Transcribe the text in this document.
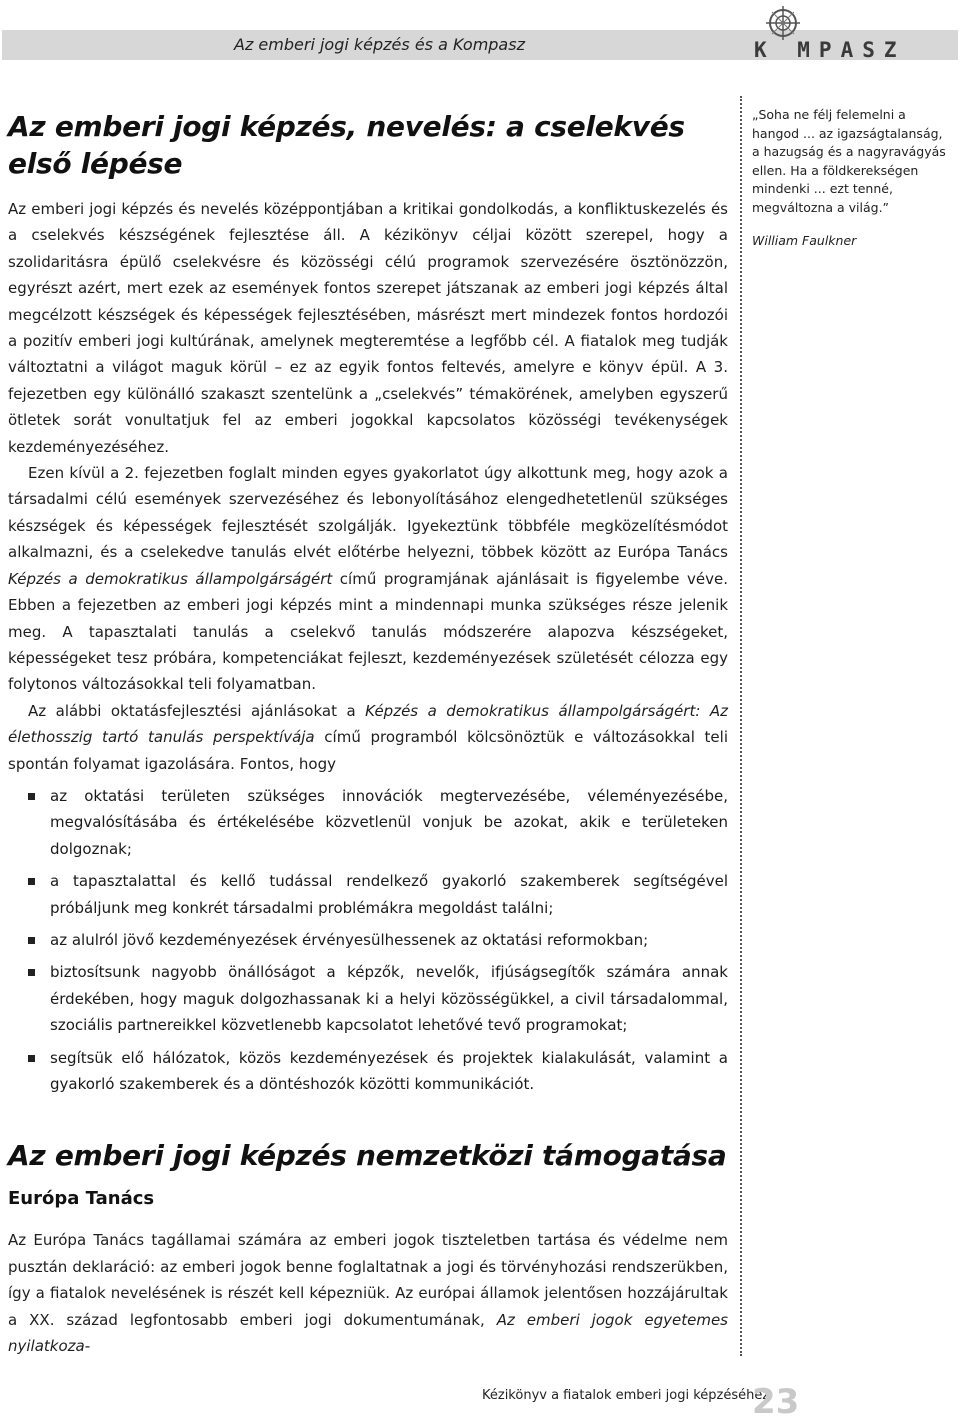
Az emberi jogi képzés és a Kompasz	K MPASZ
Az emberi jogi képzés, nevelés: a cselekvés első lépése

Az emberi jogi képzés és nevelés középpontjában a kritikai gondolkodás, a konfliktuskezelés és a cselekvés készségének fejlesztése áll. A kézikönyv céljai között szerepel, hogy a szolidaritásra épülő cselekvésre és közösségi célú programok szervezésére ösztönözzön, egyrészt azért, mert ezek az események fontos szerepet játszanak az emberi jogi képzés által megcélzott készségek és képességek fejlesztésében, másrészt mert mindezek fontos hordozói a pozitív emberi jogi kultúrának, amelynek megteremtése a legfőbb cél. A fiatalok meg tudják változtatni a világot maguk körül – ez az egyik fontos feltevés, amelyre e könyv épül. A 3. fejezetben egy különálló szakaszt szentelünk a „cselekvés” témakörének, amelyben egyszerű ötletek sorát vonultatjuk fel az emberi jogokkal kapcsolatos közösségi tevékenységek kezdeményezéséhez.

Ezen kívül a 2. fejezetben foglalt minden egyes gyakorlatot úgy alkottunk meg, hogy azok a társadalmi célú események szervezéséhez és lebonyolításához elengedhetetlenül szükséges készségek és képességek fejlesztését szolgálják. Igyekeztünk többféle megközelítésmódot alkalmazni, és a cselekedve tanulás elvét előtérbe helyezni, többek között az Európa Tanács Képzés a demokratikus állampolgárságért című programjának ajánlásait is figyelembe véve. Ebben a fejezetben az emberi jogi képzés mint a mindennapi munka szükséges része jelenik meg. A tapasztalati tanulás a cselekvő tanulás módszerére alapozva készségeket, képességeket tesz próbára, kompetenciákat fejleszt, kezdeményezések születését célozza egy folytonos változásokkal teli folyamatban.

Az alábbi oktatásfejlesztési ajánlásokat a Képzés a demokratikus állampolgárságért: Az élethosszig tartó tanulás perspektívája című programból kölcsönöztük e változásokkal teli spontán folyamat igazolására. Fontos, hogy

az oktatási területen szükséges innovációk megtervezésébe, véleményezésébe, megvalósításába és értékelésébe közvetlenül vonjuk be azokat, akik e területeken dolgoznak;
a tapasztalattal és kellő tudással rendelkező gyakorló szakemberek segítségével próbáljunk meg konkrét társadalmi problémákra megoldást találni;
az alulról jövő kezdeményezések érvényesülhessenek az oktatási reformokban;
biztosítsunk nagyobb önállóságot a képzők, nevelők, ifjúságsegítők számára annak érdekében, hogy maguk dolgozhassanak ki a helyi közösségükkel, a civil társadalommal, szociális partnereikkel közvetlenebb kapcsolatot lehetővé tevő programokat;
segítsük elő hálózatok, közös kezdeményezések és projektek kialakulását, valamint a gyakorló szakemberek és a döntéshozók közötti kommunikációt.
Az emberi jogi képzés nemzetközi támogatása
Európa Tanács

Az Európa Tanács tagállamai számára az emberi jogok tiszteletben tartása és védelme nem pusztán deklaráció: az emberi jogok benne foglaltatnak a jogi és törvényhozási rendszerükben, így a fiatalok nevelésének is részét kell képezniük. Az európai államok jelentősen hozzájárultak a XX. század legfontosabb emberi jogi dokumentumának, Az emberi jogok egyetemes nyilatkoza-

„Soha ne félj felemelni a hangod ... az igazságtalanság, a hazugság és a nagyravágyás ellen. Ha a földkerekségen mindenki ... ezt tenné, megváltozna a világ.”

William Faulkner
Kézikönyv a fiatalok emberi jogi képzéséhez
23
